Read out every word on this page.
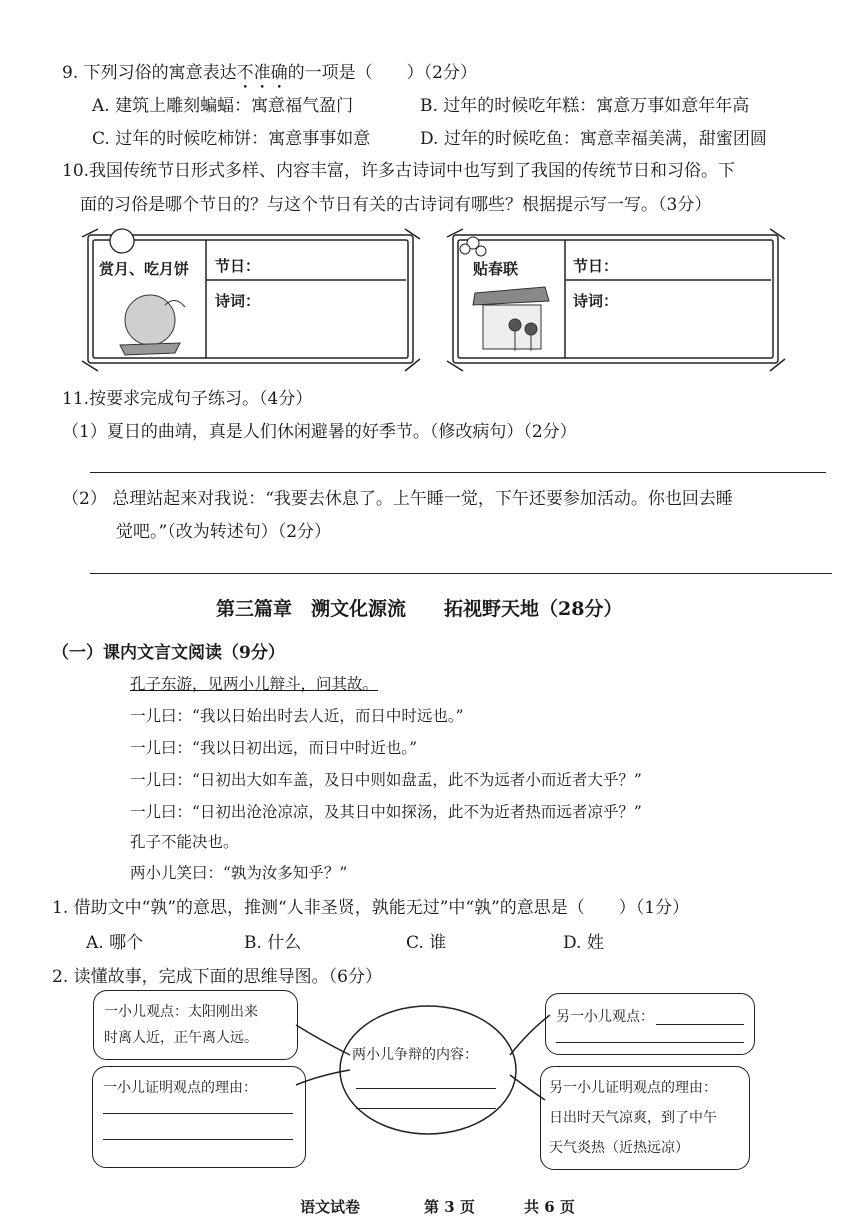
9. 下列习俗的寓意表达不准确的一项是（　　）（2分）
A. 建筑上雕刻蝙蝠：寓意福气盈门	B. 过年的时候吃年糕：寓意万事如意年年高
C. 过年的时候吃柿饼：寓意事事如意	D. 过年的时候吃鱼：寓意幸福美满，甜蜜团圆
10.我国传统节日形式多样、内容丰富，许多古诗词中也写到了我国的传统节日和习俗。下
面的习俗是哪个节日的？与这个节日有关的古诗词有哪些？根据提示写一写。（3分）
赏月、吃月饼 节日：
诗词：
贴春联	节日：
诗词：
11.按要求完成句子练习。（4分）
（1）夏日的曲靖，真是人们休闲避暑的好季节。（修改病句）（2分）
（2） 总理站起来对我说：“我要去休息了。上午睡一觉，下午还要参加活动。你也回去睡
觉吧。”（改为转述句）（2分）
第三篇章　溯文化源流　　拓视野天地（28分）
（一）课内文言文阅读（9分）
孔子东游，见两小儿辩斗，问其故。
一儿曰：“我以日始出时去人近，而日中时远也。”
一儿曰：“我以日初出远，而日中时近也。”
一儿曰：“日初出大如车盖，及日中则如盘盂，此不为远者小而近者大乎？”
一儿曰：“日初出沧沧凉凉，及其日中如探汤，此不为近者热而远者凉乎？”
孔子不能决也。
两小儿笑曰：“孰为汝多知乎？”
1. 借助文中“孰”的意思，推测“人非圣贤，孰能无过”中“孰”的意思是（　　）（1分）
A. 哪个	B. 什么	C. 谁	D. 姓
2. 读懂故事，完成下面的思维导图。（6分）
一小儿观点：太阳刚出来
时离人近，正午离人远。
一小儿证明观点的理由：
两小儿争辩的内容：
另一小儿观点：
另一小儿证明观点的理由：
日出时天气凉爽，到了中午
天气炎热（近热远凉）
语文试卷	第 3 页	共 6 页
